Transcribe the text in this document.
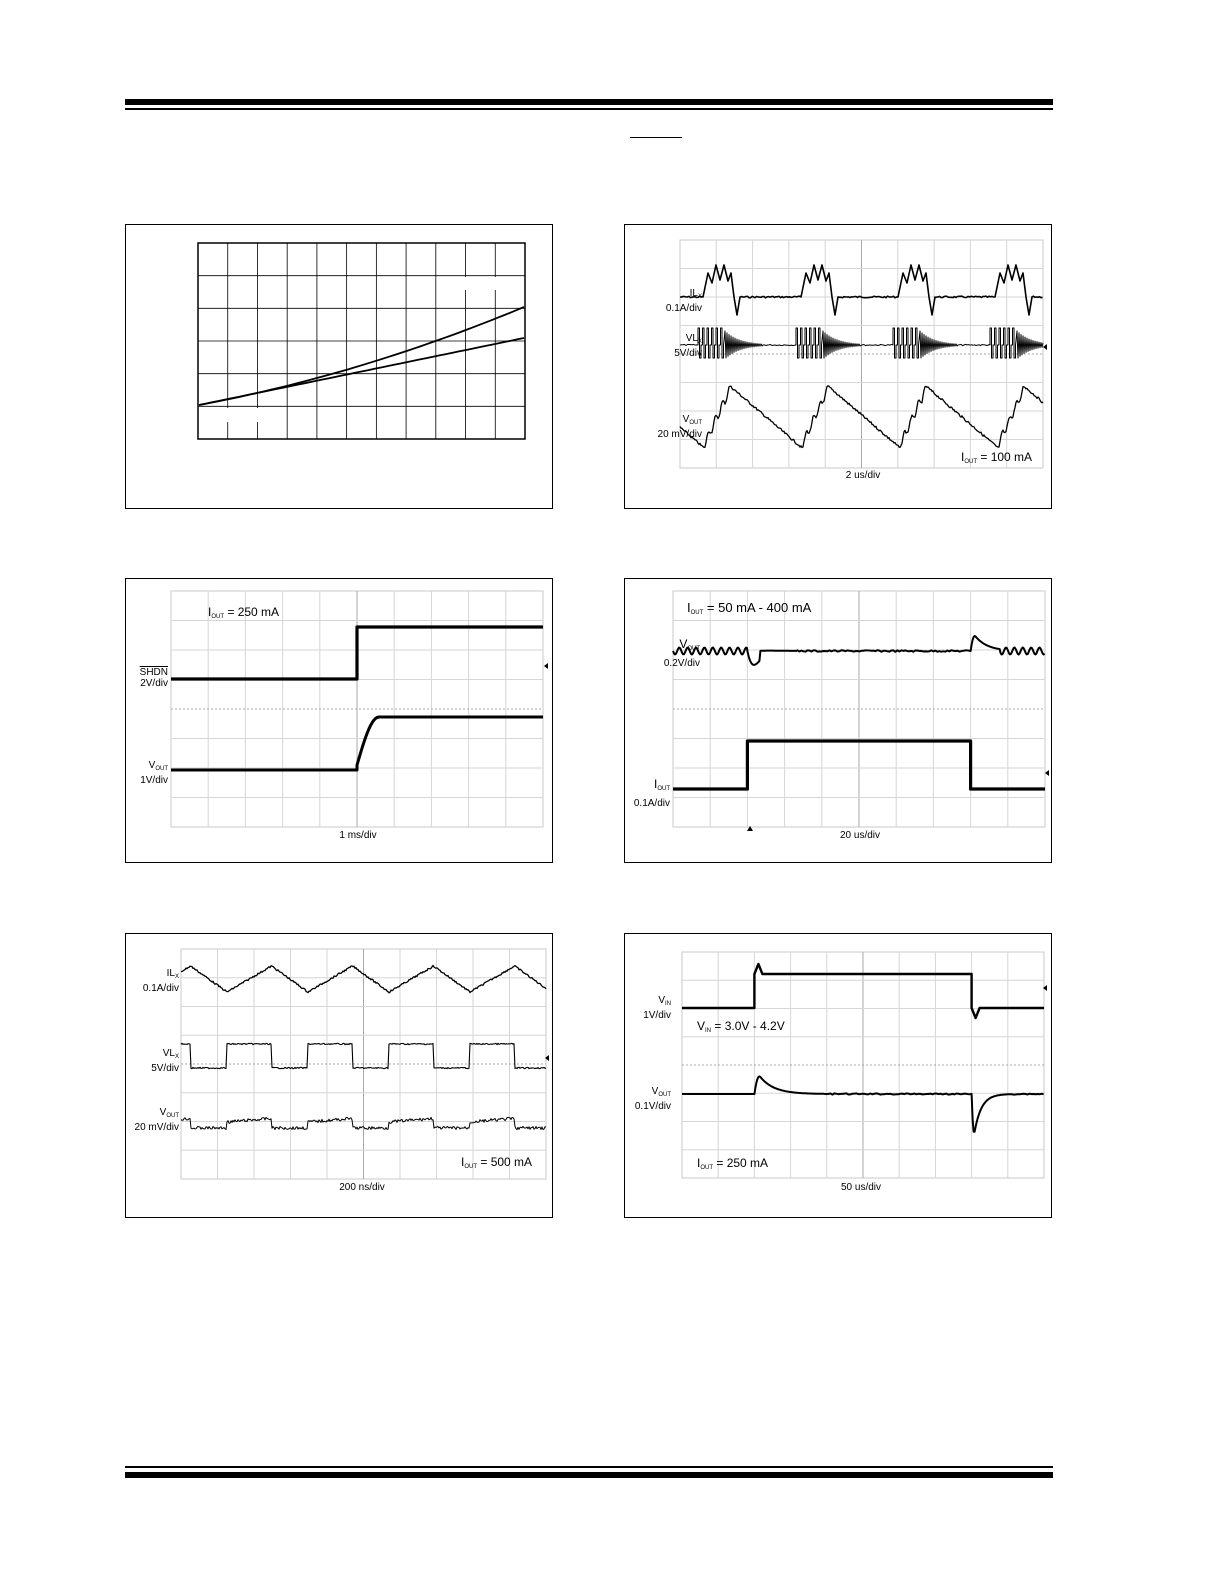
$IL_X$
0.1A/div
$VL_X$
5V/div
$V_{OUT}$
20 mV/div
$I_{OUT} = 100$ mA
2 us/div
$I_{OUT} = 250$ mA
SHDN
2V/div
$V_{OUT}$
1V/div
1 ms/div
$I_{OUT} = 50$ mA - 400 mA
$V_{OUT}$
0.2V/div
$I_{OUT}$
0.1A/div
20 us/div
$IL_X$
0.1A/div
$VL_X$
5V/div
$V_{OUT}$
20 mV/div
$I_{OUT} = 500$ mA
200 ns/div
$V_{IN}$
1V/div
$V_{IN} = 3.0V - 4.2V$
$V_{OUT}$
0.1V/div
$I_{OUT} = 250$ mA
50 us/div
